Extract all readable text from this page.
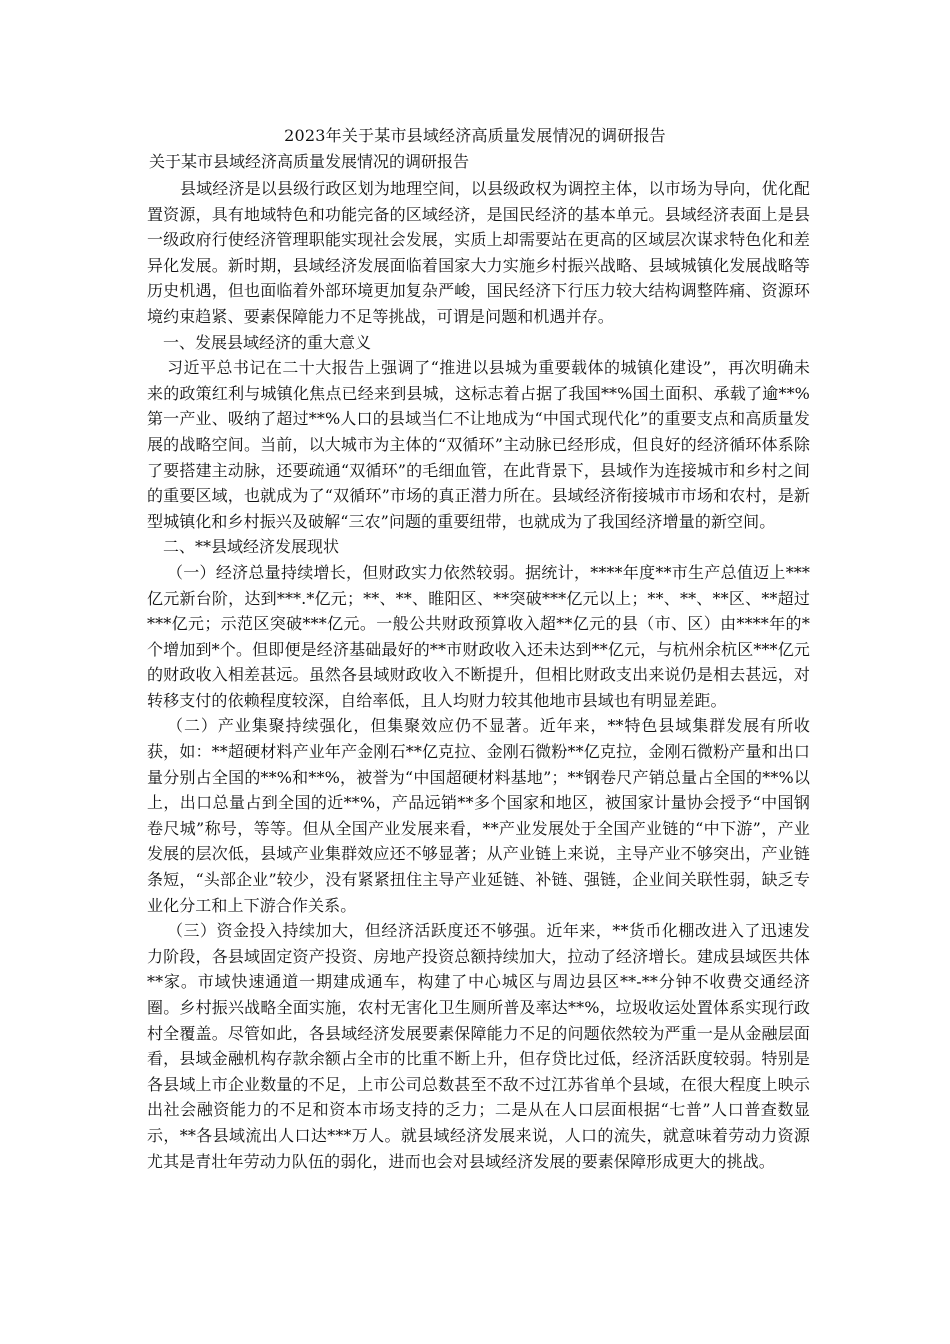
2023年关于某市县域经济高质量发展情况的调研报告

关于某市县域经济高质量发展情况的调研报告

县域经济是以县级行政区划为地理空间，以县级政权为调控主体，以市场为导向，优化配置资源，具有地域特色和功能完备的区域经济，是国民经济的基本单元。县域经济表面上是县一级政府行使经济管理职能实现社会发展，实质上却需要站在更高的区域层次谋求特色化和差异化发展。新时期，县域经济发展面临着国家大力实施乡村振兴战略、县域城镇化发展战略等历史机遇，但也面临着外部环境更加复杂严峻，国民经济下行压力较大结构调整阵痛、资源环境约束趋紧、要素保障能力不足等挑战，可谓是问题和机遇并存。

一、发展县域经济的重大意义

习近平总书记在二十大报告上强调了“推进以县城为重要载体的城镇化建设”，再次明确未来的政策红利与城镇化焦点已经来到县城，这标志着占据了我国**%国土面积、承载了逾**%第一产业、吸纳了超过**%人口的县域当仁不让地成为“中国式现代化”的重要支点和高质量发展的战略空间。当前，以大城市为主体的“双循环”主动脉已经形成，但良好的经济循环体系除了要搭建主动脉，还要疏通“双循环”的毛细血管，在此背景下，县域作为连接城市和乡村之间的重要区域，也就成为了“双循环”市场的真正潜力所在。县域经济衔接城市市场和农村，是新型城镇化和乡村振兴及破解“三农”问题的重要纽带，也就成为了我国经济增量的新空间。

二、**县域经济发展现状

（一）经济总量持续增长，但财政实力依然较弱。据统计，****年度**市生产总值迈上***亿元新台阶，达到***.*亿元；**、**、睢阳区、**突破***亿元以上；**、**、**区、**超过***亿元；示范区突破***亿元。一般公共财政预算收入超**亿元的县（市、区）由****年的*个增加到*个。但即便是经济基础最好的**市财政收入还未达到**亿元，与杭州余杭区***亿元的财政收入相差甚远。虽然各县域财政收入不断提升，但相比财政支出来说仍是相去甚远，对转移支付的依赖程度较深，自给率低，且人均财力较其他地市县域也有明显差距。

（二）产业集聚持续强化，但集聚效应仍不显著。近年来，**特色县域集群发展有所收获，如：**超硬材料产业年产金刚石**亿克拉、金刚石微粉**亿克拉，金刚石微粉产量和出口量分别占全国的**%和**%，被誉为“中国超硬材料基地”；**钢卷尺产销总量占全国的**%以上，出口总量占到全国的近**%，产品远销**多个国家和地区，被国家计量协会授予“中国钢卷尺城”称号，等等。但从全国产业发展来看，**产业发展处于全国产业链的“中下游”，产业发展的层次低，县域产业集群效应还不够显著；从产业链上来说，主导产业不够突出，产业链条短，“头部企业”较少，没有紧紧扭住主导产业延链、补链、强链，企业间关联性弱，缺乏专业化分工和上下游合作关系。

（三）资金投入持续加大，但经济活跃度还不够强。近年来，**货币化棚改进入了迅速发力阶段，各县域固定资产投资、房地产投资总额持续加大，拉动了经济增长。建成县域医共体**家。市域快速通道一期建成通车，构建了中心城区与周边县区**-**分钟不收费交通经济圈。乡村振兴战略全面实施，农村无害化卫生厕所普及率达**%，垃圾收运处置体系实现行政村全覆盖。尽管如此，各县域经济发展要素保障能力不足的问题依然较为严重一是从金融层面看，县域金融机构存款余额占全市的比重不断上升，但存贷比过低，经济活跃度较弱。特别是各县域上市企业数量的不足，上市公司总数甚至不敌不过江苏省单个县域，在很大程度上映示出社会融资能力的不足和资本市场支持的乏力；二是从在人口层面根据“七普”人口普查数显示，**各县域流出人口达***万人。就县域经济发展来说，人口的流失，就意味着劳动力资源尤其是青壮年劳动力队伍的弱化，进而也会对县域经济发展的要素保障形成更大的挑战。
